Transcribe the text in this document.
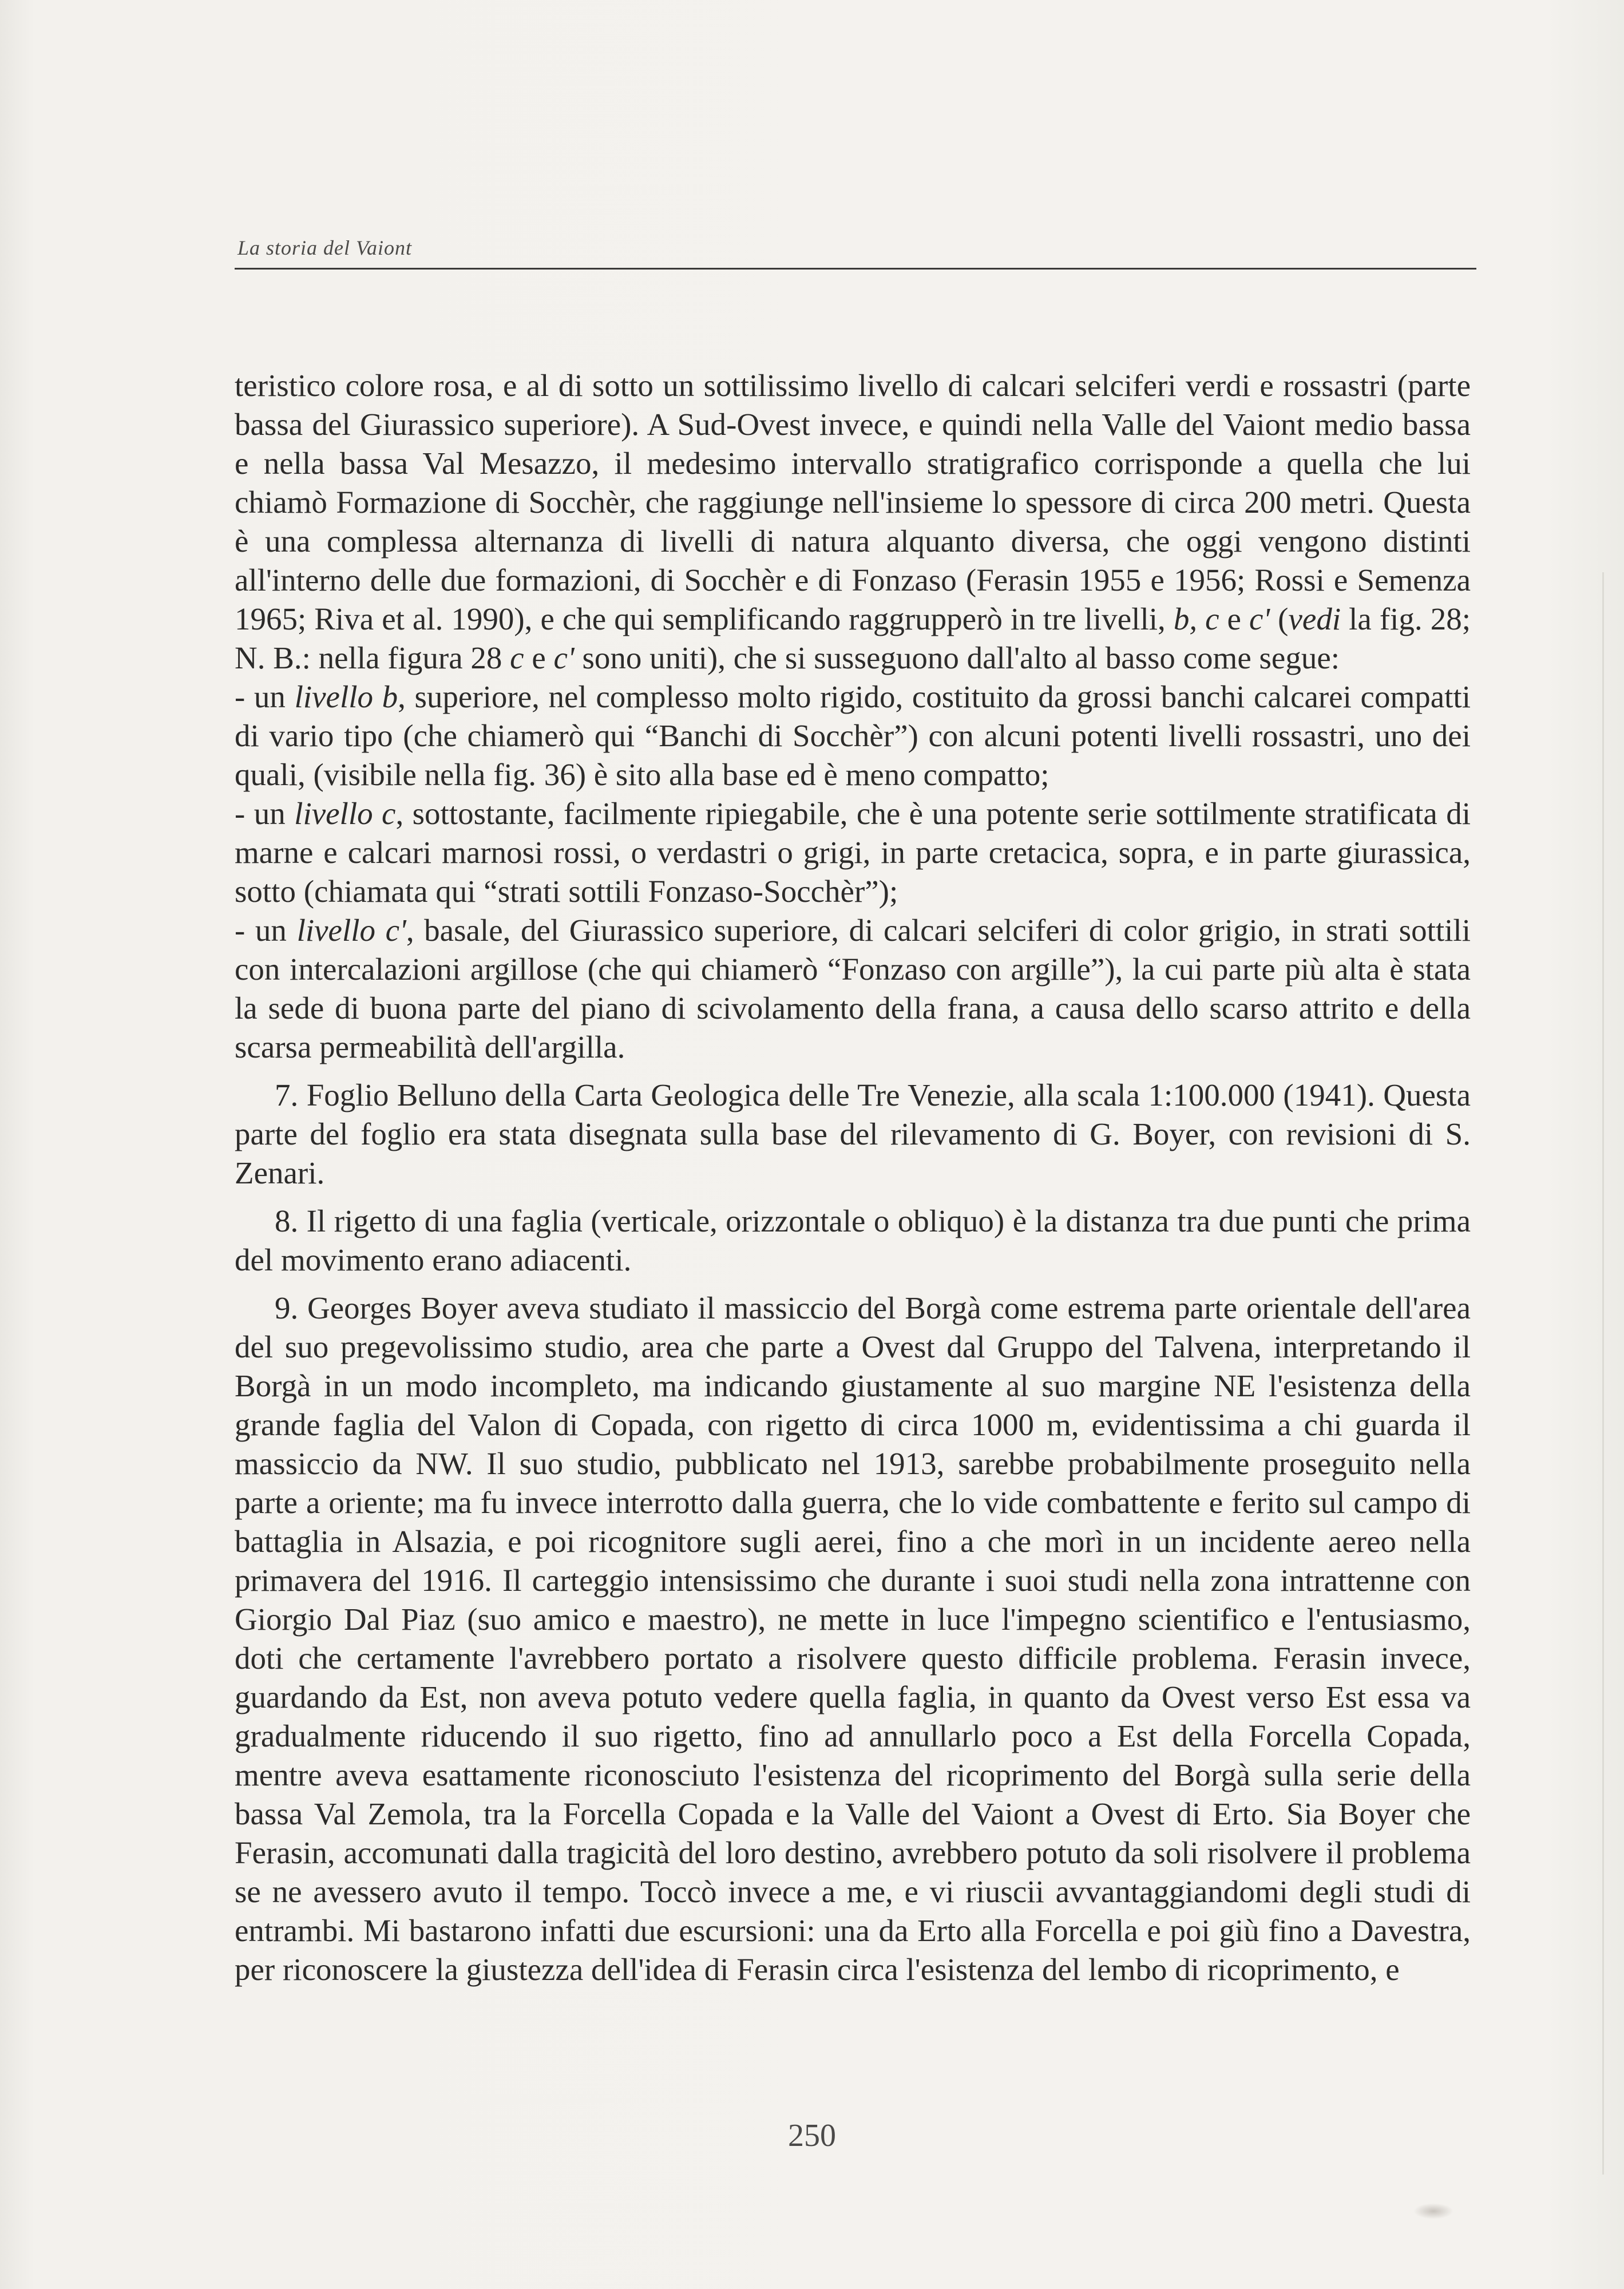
La storia del Vaiont

teristico colore rosa, e al di sotto un sottilissimo livello di calcari selciferi verdi e rossastri (parte bassa del Giurassico superiore). A Sud-Ovest invece, e quindi nella Valle del Vaiont medio bassa e nella bassa Val Mesazzo, il medesimo intervallo stratigrafico corrisponde a quella che lui chiamò Formazione di Socchèr, che raggiunge nell'insieme lo spessore di circa 200 metri. Questa è una complessa alternanza di livelli di natura alquanto diversa, che oggi vengono distinti all'interno delle due formazioni, di Socchèr e di Fonzaso (Ferasin 1955 e 1956; Rossi e Semenza 1965; Riva et al. 1990), e che qui semplificando raggrupperò in tre livelli, b, c e c' (vedi la fig. 28; N. B.: nella figura 28 c e c' sono uniti), che si susseguono dall'alto al basso come segue:

- un livello b, superiore, nel complesso molto rigido, costituito da grossi banchi calcarei compatti di vario tipo (che chiamerò qui “Banchi di Socchèr”) con alcuni potenti livelli rossastri, uno dei quali, (visibile nella fig. 36) è sito alla base ed è meno compatto;

- un livello c, sottostante, facilmente ripiegabile, che è una potente serie sottilmente stratificata di marne e calcari marnosi rossi, o verdastri o grigi, in parte cretacica, sopra, e in parte giurassica, sotto (chiamata qui “strati sottili Fonzaso-Socchèr”);

- un livello c', basale, del Giurassico superiore, di calcari selciferi di color grigio, in strati sottili con intercalazioni argillose (che qui chiamerò “Fonzaso con argille”), la cui parte più alta è stata la sede di buona parte del piano di scivolamento della frana, a causa dello scarso attrito e della scarsa permeabilità dell'argilla.

7. Foglio Belluno della Carta Geologica delle Tre Venezie, alla scala 1:100.000 (1941). Questa parte del foglio era stata disegnata sulla base del rilevamento di G. Boyer, con revisioni di S. Zenari.

8. Il rigetto di una faglia (verticale, orizzontale o obliquo) è la distanza tra due punti che prima del movimento erano adiacenti.

9. Georges Boyer aveva studiato il massiccio del Borgà come estrema parte orientale dell'area del suo pregevolissimo studio, area che parte a Ovest dal Gruppo del Talvena, interpretando il Borgà in un modo incompleto, ma indicando giustamente al suo margine NE l'esistenza della grande faglia del Valon di Copada, con rigetto di circa 1000 m, evidentissima a chi guarda il massiccio da NW. Il suo studio, pubblicato nel 1913, sarebbe probabilmente proseguito nella parte a oriente; ma fu invece interrotto dalla guerra, che lo vide combattente e ferito sul campo di battaglia in Alsazia, e poi ricognitore sugli aerei, fino a che morì in un incidente aereo nella primavera del 1916. Il carteggio intensissimo che durante i suoi studi nella zona intrattenne con Giorgio Dal Piaz (suo amico e maestro), ne mette in luce l'impegno scientifico e l'entusiasmo, doti che certamente l'avrebbero portato a risolvere questo difficile problema. Ferasin invece, guardando da Est, non aveva potuto vedere quella faglia, in quanto da Ovest verso Est essa va gradualmente riducendo il suo rigetto, fino ad annullarlo poco a Est della Forcella Copada, mentre aveva esattamente riconosciuto l'esistenza del ricoprimento del Borgà sulla serie della bassa Val Zemola, tra la Forcella Copada e la Valle del Vaiont a Ovest di Erto. Sia Boyer che Ferasin, accomunati dalla tragicità del loro destino, avrebbero potuto da soli risolvere il problema se ne avessero avuto il tempo. Toccò invece a me, e vi riuscii avvantaggiandomi degli studi di entrambi. Mi bastarono infatti due escursioni: una da Erto alla Forcella e poi giù fino a Davestra, per riconoscere la giustezza dell'idea di Ferasin circa l'esistenza del lembo di ricoprimento, e

250
